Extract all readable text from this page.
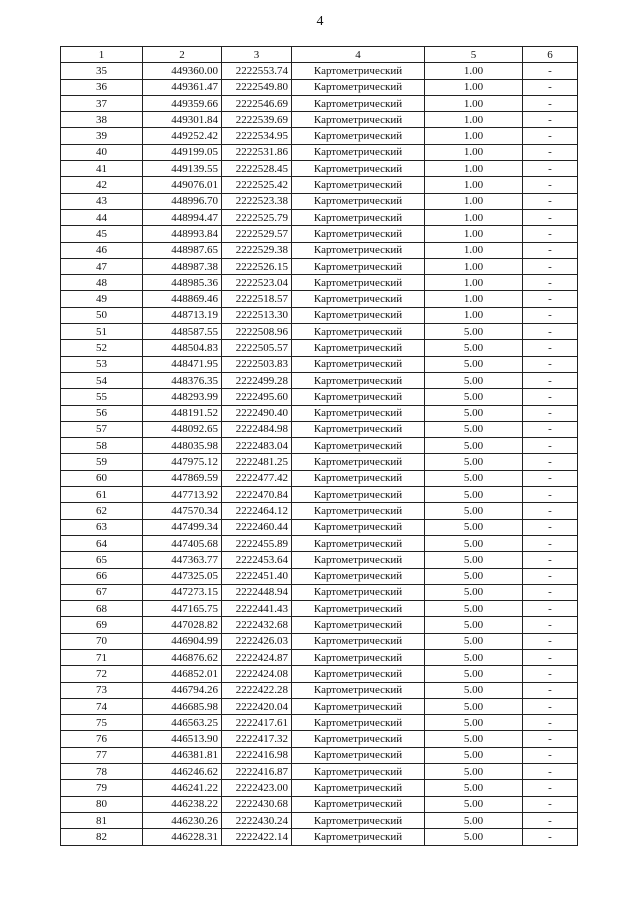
4
1	2	3	4	5	6
35	449360.00	2222553.74	Картометрический	1.00	-
36	449361.47	2222549.80	Картометрический	1.00	-
37	449359.66	2222546.69	Картометрический	1.00	-
38	449301.84	2222539.69	Картометрический	1.00	-
39	449252.42	2222534.95	Картометрический	1.00	-
40	449199.05	2222531.86	Картометрический	1.00	-
41	449139.55	2222528.45	Картометрический	1.00	-
42	449076.01	2222525.42	Картометрический	1.00	-
43	448996.70	2222523.38	Картометрический	1.00	-
44	448994.47	2222525.79	Картометрический	1.00	-
45	448993.84	2222529.57	Картометрический	1.00	-
46	448987.65	2222529.38	Картометрический	1.00	-
47	448987.38	2222526.15	Картометрический	1.00	-
48	448985.36	2222523.04	Картометрический	1.00	-
49	448869.46	2222518.57	Картометрический	1.00	-
50	448713.19	2222513.30	Картометрический	1.00	-
51	448587.55	2222508.96	Картометрический	5.00	-
52	448504.83	2222505.57	Картометрический	5.00	-
53	448471.95	2222503.83	Картометрический	5.00	-
54	448376.35	2222499.28	Картометрический	5.00	-
55	448293.99	2222495.60	Картометрический	5.00	-
56	448191.52	2222490.40	Картометрический	5.00	-
57	448092.65	2222484.98	Картометрический	5.00	-
58	448035.98	2222483.04	Картометрический	5.00	-
59	447975.12	2222481.25	Картометрический	5.00	-
60	447869.59	2222477.42	Картометрический	5.00	-
61	447713.92	2222470.84	Картометрический	5.00	-
62	447570.34	2222464.12	Картометрический	5.00	-
63	447499.34	2222460.44	Картометрический	5.00	-
64	447405.68	2222455.89	Картометрический	5.00	-
65	447363.77	2222453.64	Картометрический	5.00	-
66	447325.05	2222451.40	Картометрический	5.00	-
67	447273.15	2222448.94	Картометрический	5.00	-
68	447165.75	2222441.43	Картометрический	5.00	-
69	447028.82	2222432.68	Картометрический	5.00	-
70	446904.99	2222426.03	Картометрический	5.00	-
71	446876.62	2222424.87	Картометрический	5.00	-
72	446852.01	2222424.08	Картометрический	5.00	-
73	446794.26	2222422.28	Картометрический	5.00	-
74	446685.98	2222420.04	Картометрический	5.00	-
75	446563.25	2222417.61	Картометрический	5.00	-
76	446513.90	2222417.32	Картометрический	5.00	-
77	446381.81	2222416.98	Картометрический	5.00	-
78	446246.62	2222416.87	Картометрический	5.00	-
79	446241.22	2222423.00	Картометрический	5.00	-
80	446238.22	2222430.68	Картометрический	5.00	-
81	446230.26	2222430.24	Картометрический	5.00	-
82	446228.31	2222422.14	Картометрический	5.00	-
